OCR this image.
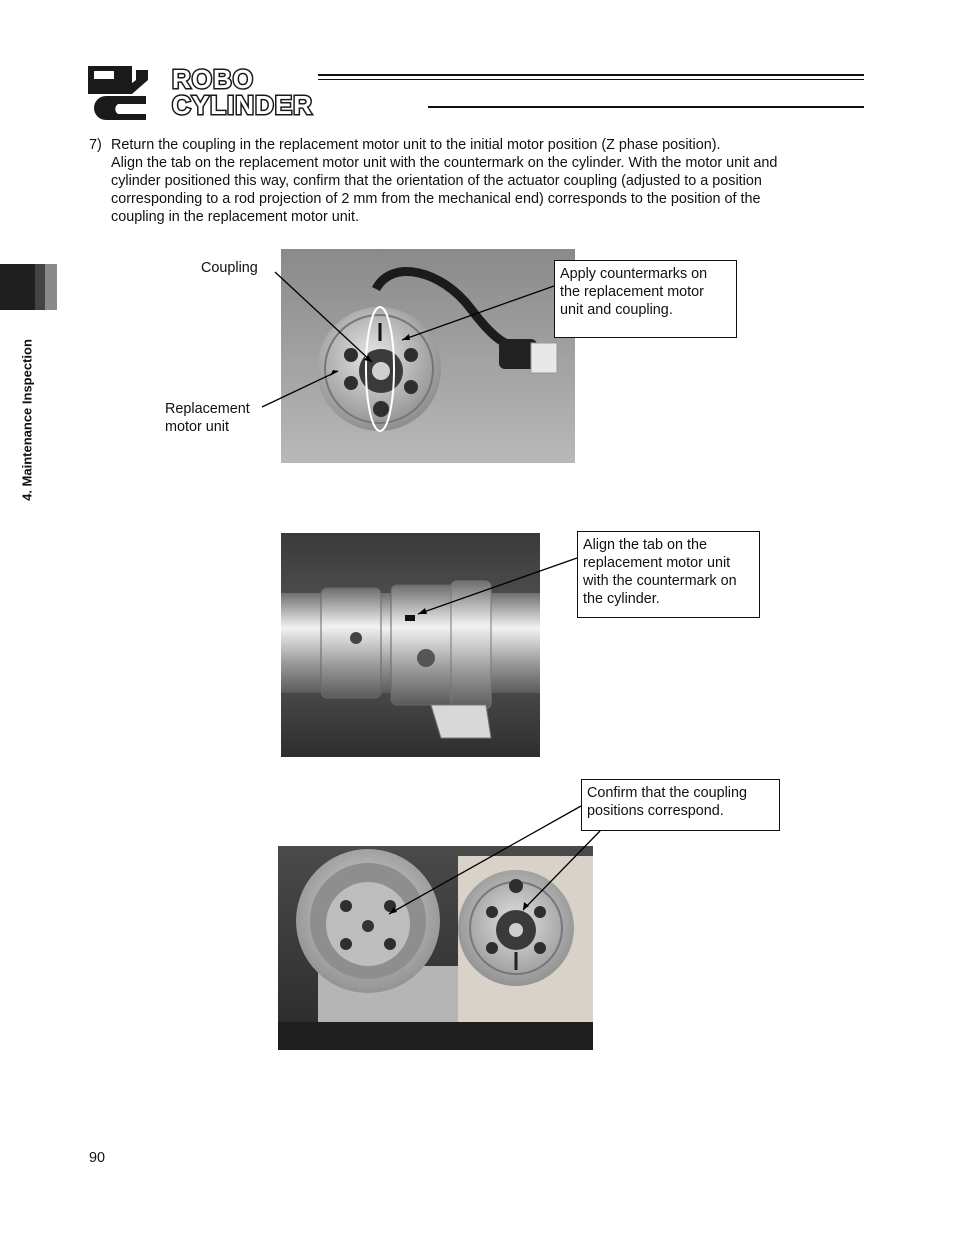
ROBO
CYLINDER
4. Maintenance Inspection
7) Return the coupling in the replacement motor unit to the initial motor position (Z phase position).
Align the tab on the replacement motor unit with the countermark on the cylinder. With the motor unit and
cylinder positioned this way, confirm that the orientation of the actuator coupling (adjusted to a position
corresponding to a rod projection of 2 mm from the mechanical end) corresponds to the position of the
coupling in the replacement motor unit.
Coupling
Replacement
motor unit
Apply countermarks on
the replacement motor
unit and coupling.
Align the tab on the
replacement motor unit
with the countermark on
the cylinder.
Confirm that the coupling
positions correspond.
90
